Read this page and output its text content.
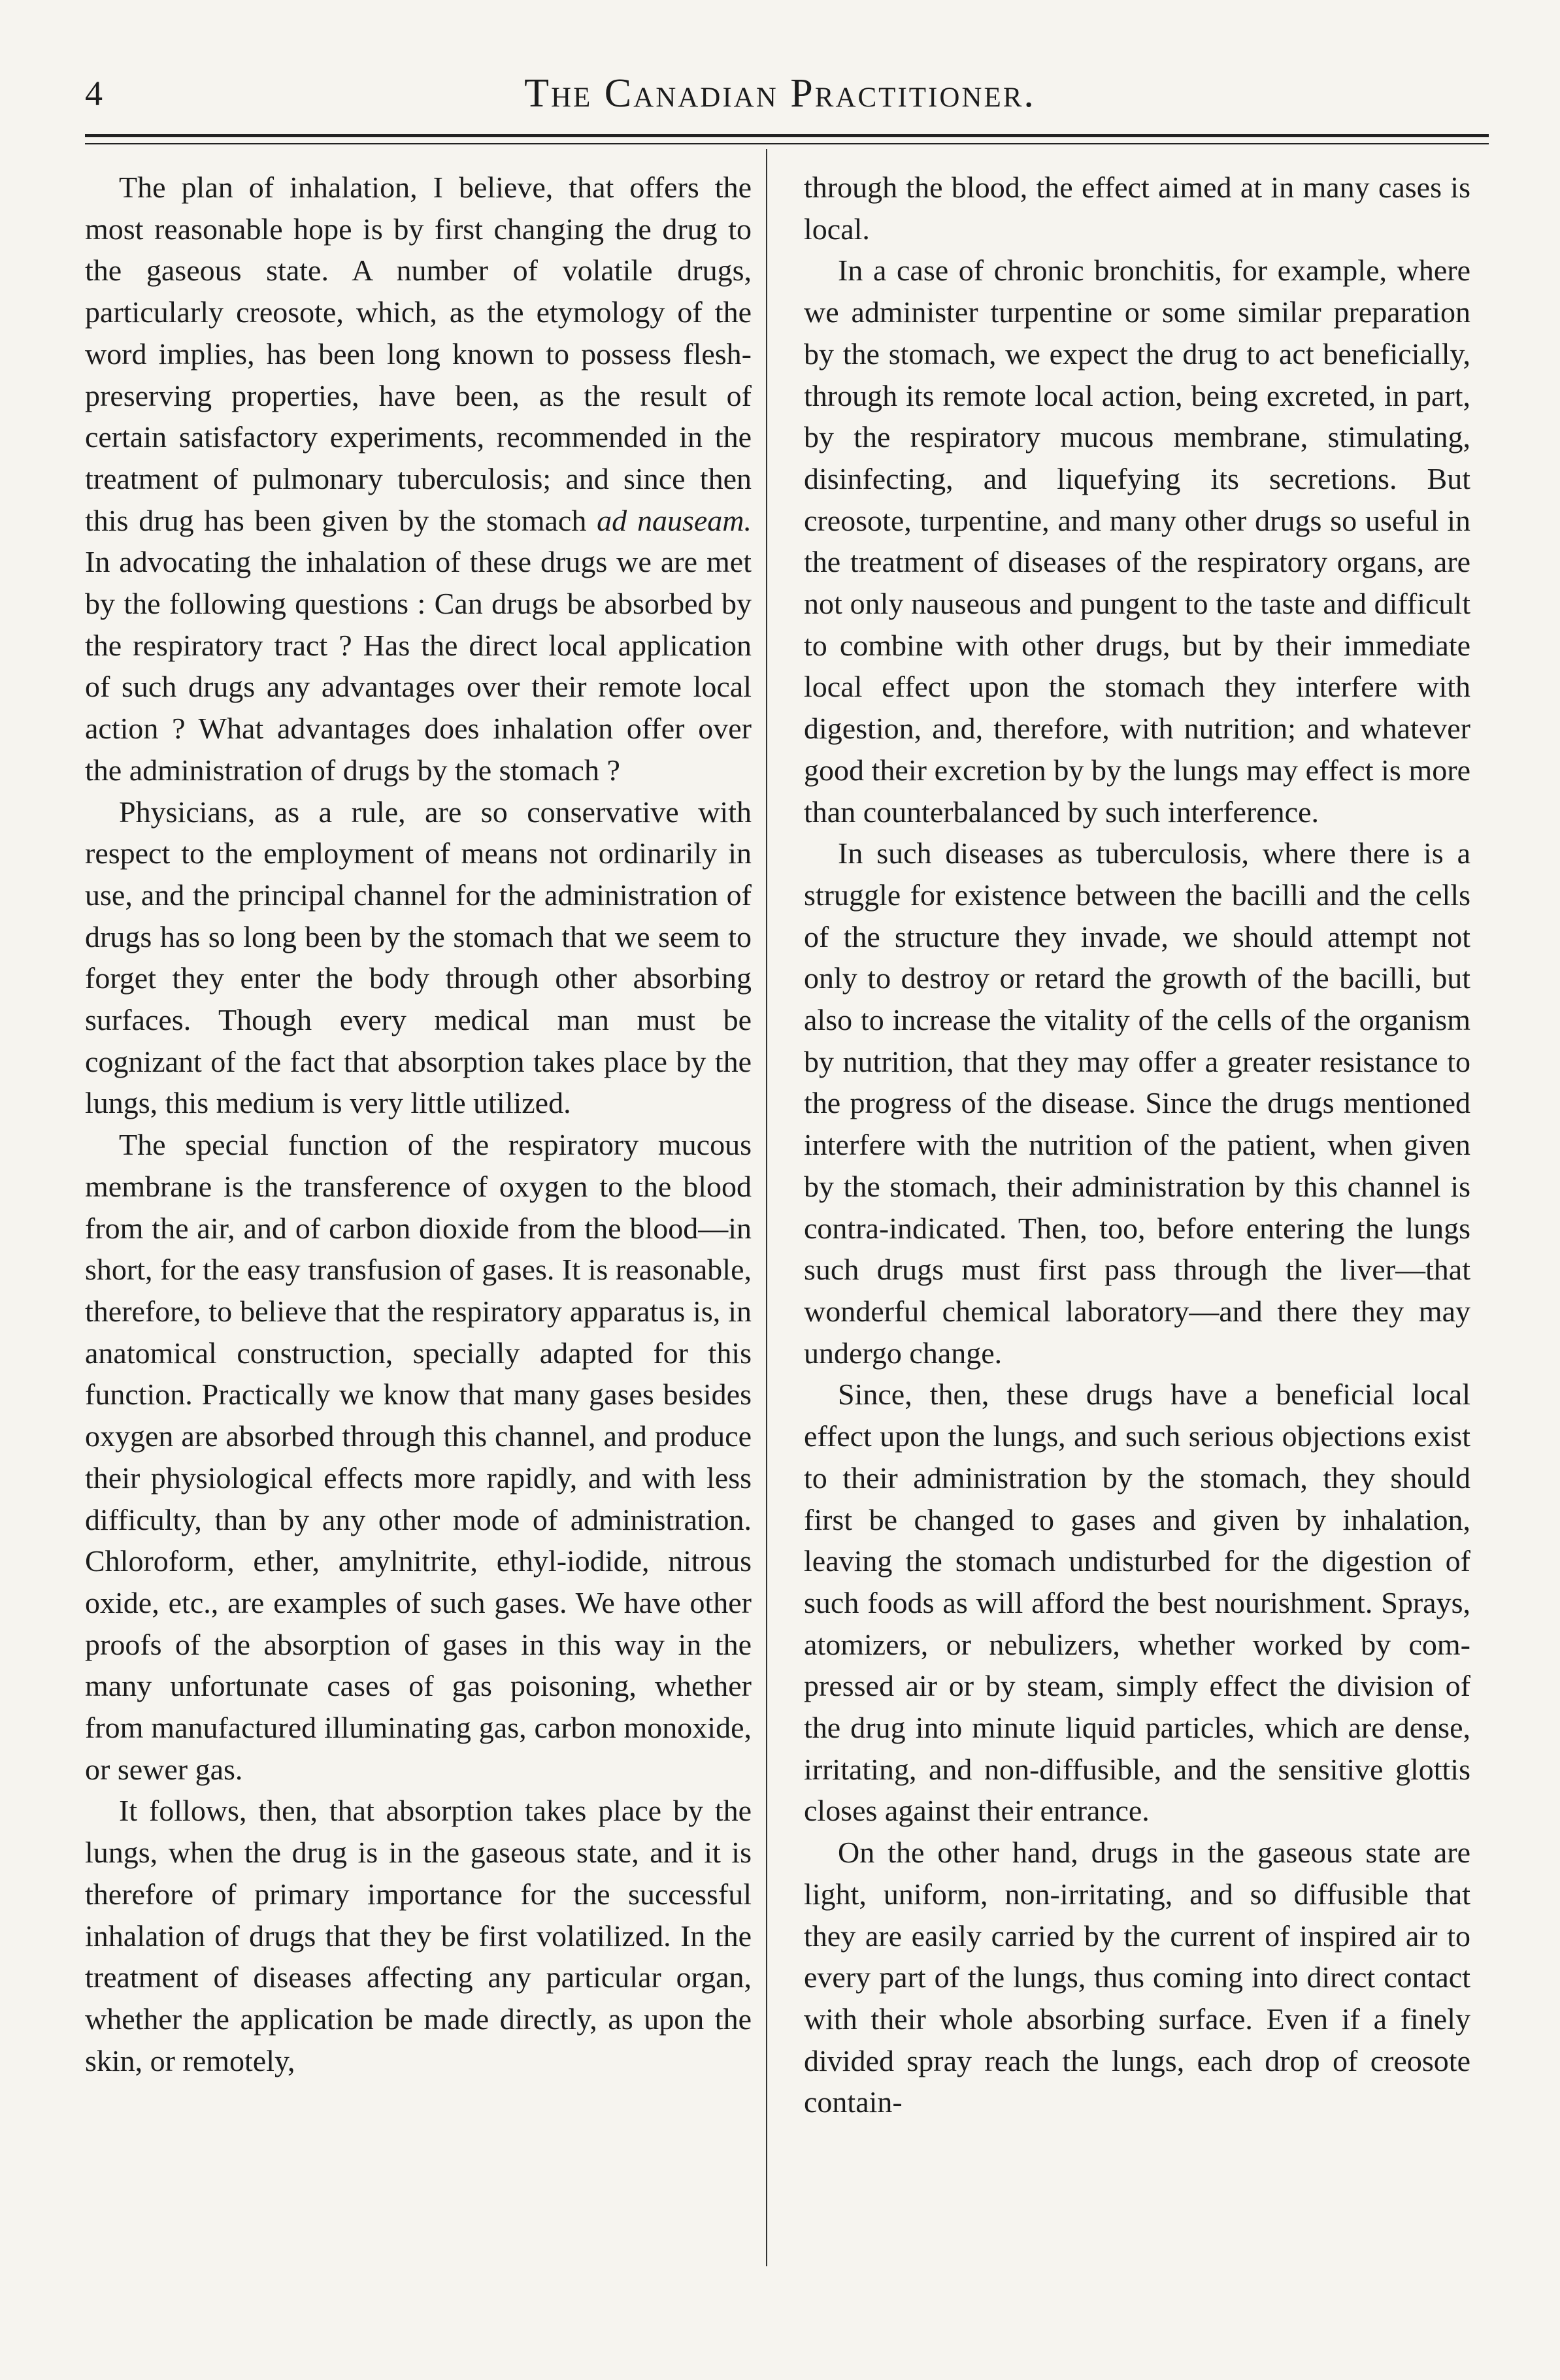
4	The Canadian Practitioner.

The plan of inhalation, I believe, that offers the most reasonable hope is by first changing the drug to the gaseous state. A number of volatile drugs, particularly creosote, which, as the etymology of the word implies, has been long known to possess flesh-preserving properties, have been, as the result of certain satisfactory experiments, recommended in the treatment of pulmonary tuberculosis; and since then this drug has been given by the stomach ad nauseam. In advocating the inhalation of these drugs we are met by the following questions : Can drugs be absorbed by the respiratory tract ? Has the direct local application of such drugs any advantages over their remote local action ? What advantages does inhalation offer over the administration of drugs by the stomach ?

Physicians, as a rule, are so conservative with respect to the employment of means not ordinarily in use, and the principal channel for the administration of drugs has so long been by the stomach that we seem to forget they enter the body through other absorbing surfaces. Though every medical man must be cognizant of the fact that absorption takes place by the lungs, this medium is very little utilized.

The special function of the respiratory mucous membrane is the transference of oxygen to the blood from the air, and of carbon dioxide from the blood—in short, for the easy transfusion of gases. It is reasonable, therefore, to believe that the respiratory apparatus is, in anatomical construction, specially adapted for this function. Practically we know that many gases besides oxygen are absorbed through this channel, and produce their physiological effects more rapidly, and with less difficulty, than by any other mode of administration. Chloroform, ether, amylnitrite, ethyl-iodide, nitrous oxide, etc., are examples of such gases. We have other proofs of the absorption of gases in this way in the many unfortunate cases of gas poisoning, whether from manufactured illuminating gas, carbon monoxide, or sewer gas.

It follows, then, that absorption takes place by the lungs, when the drug is in the gaseous state, and it is therefore of primary importance for the successful inhalation of drugs that they be first volatilized. In the treatment of diseases affecting any particular organ, whether the application be made directly, as upon the skin, or remotely,

through the blood, the effect aimed at in many cases is local.

In a case of chronic bronchitis, for example, where we administer turpentine or some similar preparation by the stomach, we expect the drug to act beneficially, through its remote local action, being excreted, in part, by the respiratory mucous membrane, stimulating, disinfecting, and liquefying its secretions. But creosote, turpentine, and many other drugs so useful in the treatment of diseases of the respiratory organs, are not only nauseous and pungent to the taste and difficult to combine with other drugs, but by their immediate local effect upon the stomach they interfere with digestion, and, therefore, with nutrition; and whatever good their excretion by by the lungs may effect is more than counterbalanced by such interference.

In such diseases as tuberculosis, where there is a struggle for existence between the bacilli and the cells of the structure they invade, we should attempt not only to destroy or retard the growth of the bacilli, but also to increase the vitality of the cells of the organism by nutrition, that they may offer a greater resistance to the progress of the disease. Since the drugs mentioned interfere with the nutrition of the patient, when given by the stomach, their administration by this channel is contra-indicated. Then, too, before entering the lungs such drugs must first pass through the liver—that wonderful chemical laboratory—and there they may undergo change.

Since, then, these drugs have a beneficial local effect upon the lungs, and such serious objections exist to their administration by the stomach, they should first be changed to gases and given by inhalation, leaving the stomach undisturbed for the digestion of such foods as will afford the best nourishment. Sprays, atomizers, or nebulizers, whether worked by compressed air or by steam, simply effect the division of the drug into minute liquid particles, which are dense, irritating, and non-diffusible, and the sensitive glottis closes against their entrance.

On the other hand, drugs in the gaseous state are light, uniform, non-irritating, and so diffusible that they are easily carried by the current of inspired air to every part of the lungs, thus coming into direct contact with their whole absorbing surface. Even if a finely divided spray reach the lungs, each drop of creosote contain-
